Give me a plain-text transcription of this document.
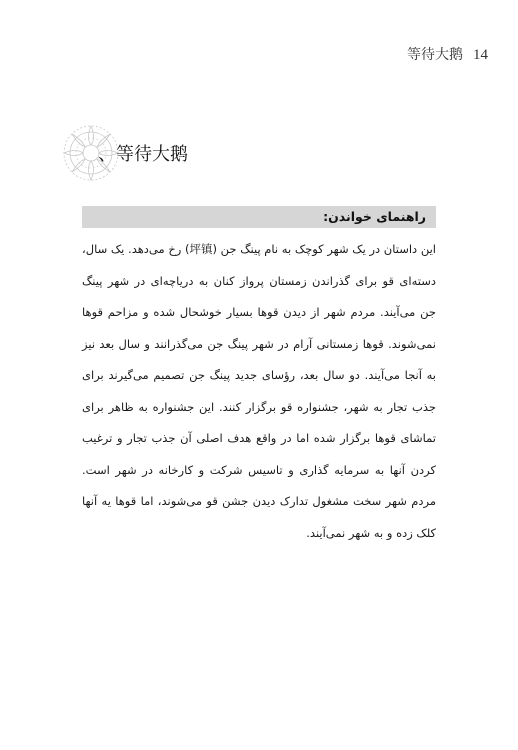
等待大鹅 14
、等待大鹅
راهنمای خواندن:

این داستان در یک شهر کوچک به نام پینگ جن (坪镇) رخ می‌دهد. یک سال، دسته‌ای قو برای گذراندن زمستان پرواز کنان به دریاچه‌ای در شهر پینگ جن می‌آیند. مردم شهر از دیدن قوها بسیار خوشحال شده و مزاحم قوها نمی‌شوند. قوها زمستانی آرام در شهر پینگ جن می‌گذرانند و سال بعد نیز به آنجا می‌آیند. دو سال بعد، رؤسای جدید پینگ جن تصمیم می‌گیرند برای جذب تجار به شهر، جشنواره قو برگزار کنند. این جشنواره به ظاهر برای تماشای قوها برگزار شده اما در واقع هدف اصلی آن جذب تجار و ترغیب کردن آنها به سرمایه گذاری و تاسیس شرکت و کارخانه در شهر است. مردم شهر سخت مشغول تدارک دیدن جشن قو می‌شوند، اما قوها یه آنها کلک زده و به شهر نمی‌آیند.
